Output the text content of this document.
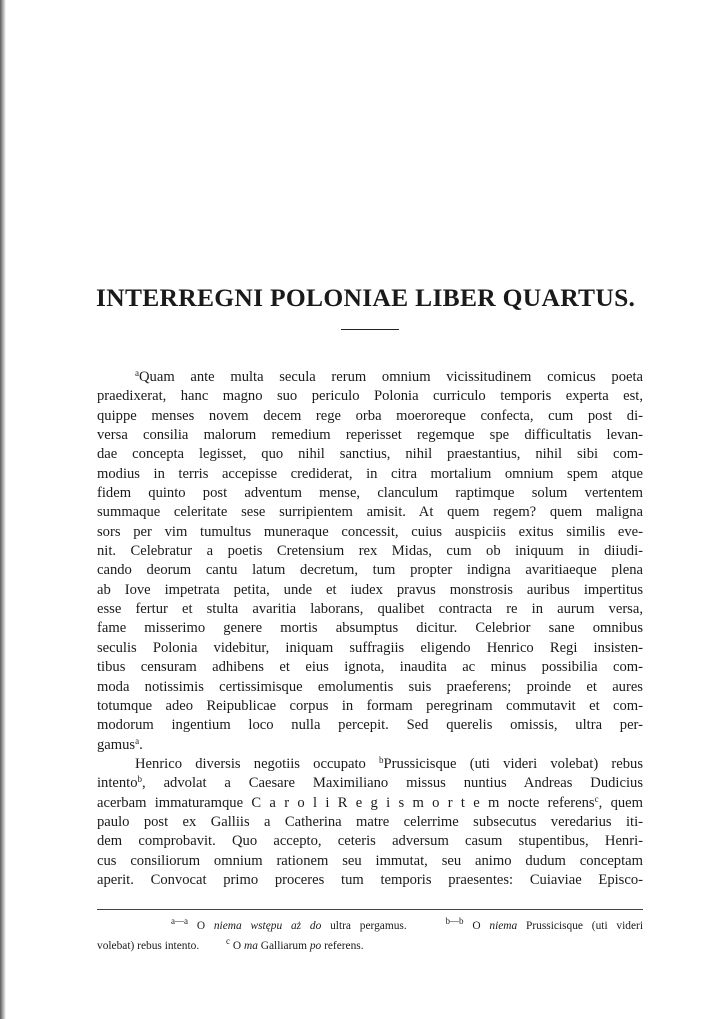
INTERREGNI POLONIAE LIBER QUARTUS.
$^a$Quam ante multa secula rerum omnium vicissitudinem comicus poeta
praedixerat, hanc magno suo periculo Polonia curriculo temporis experta est,
quippe menses novem decem rege orba moeroreque confecta, cum post di-
versa consilia malorum remedium reperisset regemque spe difficultatis levan-
dae concepta legisset, quo nihil sanctius, nihil praestantius, nihil sibi com-
modius in terris accepisse crediderat, in citra mortalium omnium spem atque
fidem quinto post adventum mense, clanculum raptimque solum vertentem
summaque celeritate sese surripientem amisit. At quem regem? quem maligna
sors per vim tumultus muneraque concessit, cuius auspiciis exitus similis eve-
nit. Celebratur a poetis Cretensium rex Midas, cum ob iniquum in diiudi-
cando deorum cantu latum decretum, tum propter indigna avaritiaeque plena
ab Iove impetrata petita, unde et iudex pravus monstrosis auribus impertitus
esse fertur et stulta avaritia laborans, qualibet contracta re in aurum versa,
fame misserimo genere mortis absumptus dicitur. Celebrior sane omnibus
seculis Polonia videbitur, iniquam suffragiis eligendo Henrico Regi insisten-
tibus censuram adhibens et eius ignota, inaudita ac minus possibilia com-
moda notissimis certissimisque emolumentis suis praeferens; proinde et aures
totumque adeo Reipublicae corpus in formam peregrinam commutavit et com-
modorum ingentium loco nulla percepit. Sed querelis omissis, ultra per-
gamus$^a$.
Henrico diversis negotiis occupato $^b$Prussicisque (uti videri volebat) rebus
intento$^b$, advolat a Caesare Maximiliano missus nuntius Andreas Dudicius
acerbam immaturamque C a r o l i R e g i s m o r t e m nocte referens$^c$, quem
paulo post ex Galliis a Catherina matre celerrime subsecutus veredarius iti-
dem comprobavit. Quo accepto, ceteris adversum casum stupentibus, Henri-
cus consiliorum omnium rationem seu immutat, seu animo dudum conceptam
aperit. Convocat primo proceres tum temporis praesentes: Cuiaviae Episco-
$^{a—a}$ O niema wstępu aż do ultra pergamus.	$^{b—b}$ O niema Prussicisque (uti videri
volebat) rebus intento.	$^c$ O ma Galliarum po referens.
